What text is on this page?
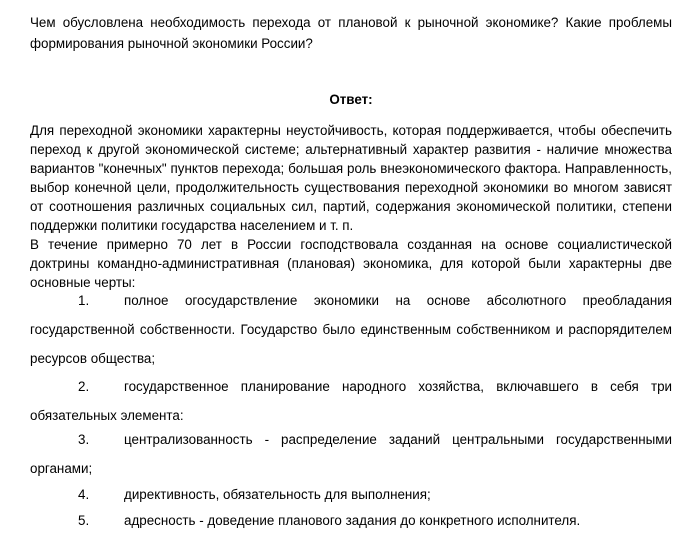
Чем обусловлена необходимость перехода от плановой к рыночной экономике? Какие проблемы формирования рыночной экономики России?
Ответ:

Для переходной экономики характерны неустойчивость, которая поддерживается, чтобы обеспечить переход к другой экономической системе; альтернативный характер развития - наличие множества вариантов "конечных" пунктов перехода; большая роль внеэкономического фактора. Направленность, выбор конечной цели, продолжительность существования переходной экономики во многом зависят от соотношения различных социальных сил, партий, содержания экономической политики, степени поддержки политики государства населением и т. п.

В течение примерно 70 лет в России господствовала созданная на основе социалистической доктрины командно-административная (плановая) экономика, для которой были характерны две основные черты:

1.	полное огосударствление экономики на основе абсолютного преобладания государственной собственности. Государство было единственным собственником и распорядителем ресурсов общества;
2.	государственное планирование народного хозяйства, включавшего в себя три обязательных элемента:
3.	централизованность - распределение заданий центральными государственными органами;
4.	директивность, обязательность для выполнения;
5.	адресность - доведение планового задания до конкретного исполнителя.
